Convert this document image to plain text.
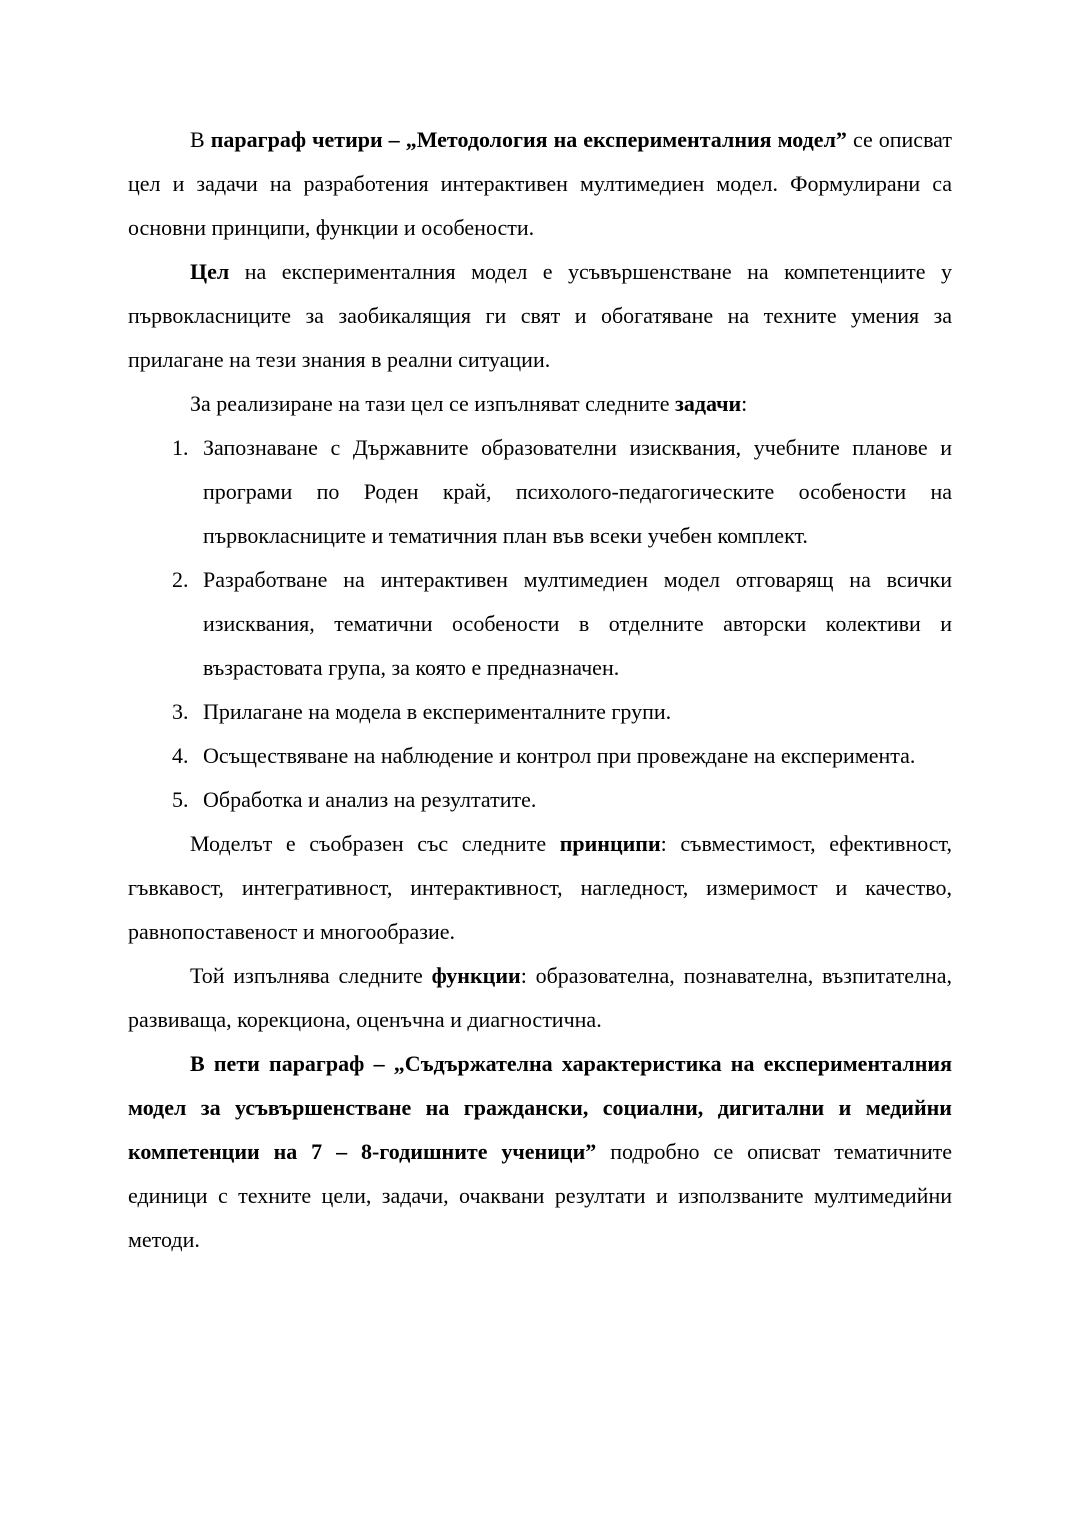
В параграф четири – „Методология на експерименталния модел” се описват цел и задачи на разработения интерактивен мултимедиен модел. Формулирани са основни принципи, функции и особености.

Цел на експерименталния модел е усъвършенстване на компетенциите у първокласниците за заобикалящия ги свят и обогатяване на техните умения за прилагане на тези знания в реални ситуации.

За реализиране на тази цел се изпълняват следните задачи:

1. Запознаване с Държавните образователни изисквания, учебните планове и програми по Роден край, психолого-педагогическите особености на първокласниците и тематичния план във всеки учебен комплект.
2. Разработване на интерактивен мултимедиен модел отговарящ на всички изисквания, тематични особености в отделните авторски колективи и възрастовата група, за която е предназначен.
3. Прилагане на модела в експерименталните групи.
4. Осъществяване на наблюдение и контрол при провеждане на експеримента.
5. Обработка и анализ на резултатите.

Моделът е съобразен със следните принципи: съвместимост, ефективност, гъвкавост, интегративност, интерактивност, нагледност, измеримост и качество, равнопоставеност и многообразие.

Той изпълнява следните функции: образователна, познавателна, възпитателна, развиваща, корекциона, оценъчна и диагностична.

В пети параграф – „Съдържателна характеристика на експерименталния модел за усъвършенстване на граждански, социални, дигитални и медийни компетенции на 7 – 8-годишните ученици” подробно се описват тематичните единици с техните цели, задачи, очаквани резултати и използваните мултимедийни методи.
